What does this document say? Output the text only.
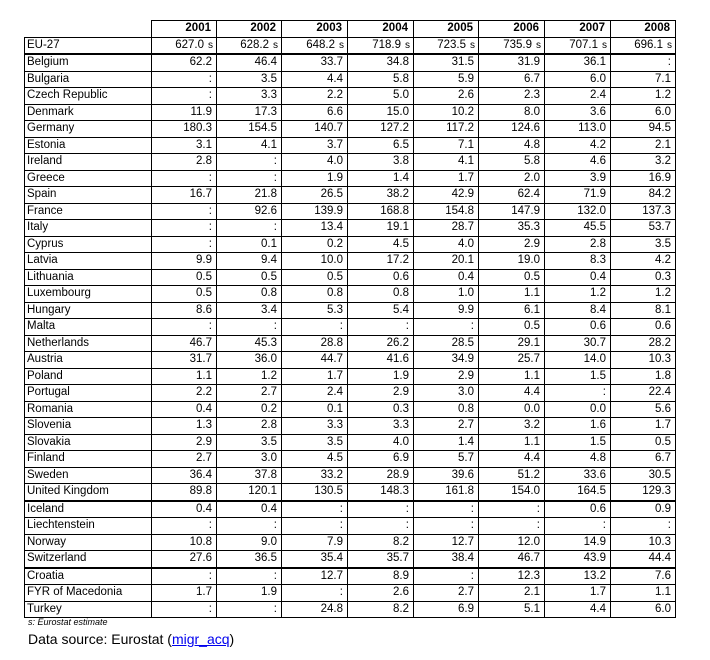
	2001	2002	2003	2004	2005	2006	2007	2008
EU-27	627.0 s	628.2 s	648.2 s	718.9 s	723.5 s	735.9 s	707.1 s	696.1 s

Belgium	62.2	46.4	33.7	34.8	31.5	31.9	36.1	:
Bulgaria	:	3.5	4.4	5.8	5.9	6.7	6.0	7.1
Czech Republic	:	3.3	2.2	5.0	2.6	2.3	2.4	1.2
Denmark	11.9	17.3	6.6	15.0	10.2	8.0	3.6	6.0
Germany	180.3	154.5	140.7	127.2	117.2	124.6	113.0	94.5
Estonia	3.1	4.1	3.7	6.5	7.1	4.8	4.2	2.1
Ireland	2.8	:	4.0	3.8	4.1	5.8	4.6	3.2
Greece	:	:	1.9	1.4	1.7	2.0	3.9	16.9
Spain	16.7	21.8	26.5	38.2	42.9	62.4	71.9	84.2
France	:	92.6	139.9	168.8	154.8	147.9	132.0	137.3
Italy	:	:	13.4	19.1	28.7	35.3	45.5	53.7
Cyprus	:	0.1	0.2	4.5	4.0	2.9	2.8	3.5
Latvia	9.9	9.4	10.0	17.2	20.1	19.0	8.3	4.2
Lithuania	0.5	0.5	0.5	0.6	0.4	0.5	0.4	0.3
Luxembourg	0.5	0.8	0.8	0.8	1.0	1.1	1.2	1.2
Hungary	8.6	3.4	5.3	5.4	9.9	6.1	8.4	8.1
Malta	:	:	:	:	:	0.5	0.6	0.6
Netherlands	46.7	45.3	28.8	26.2	28.5	29.1	30.7	28.2
Austria	31.7	36.0	44.7	41.6	34.9	25.7	14.0	10.3
Poland	1.1	1.2	1.7	1.9	2.9	1.1	1.5	1.8
Portugal	2.2	2.7	2.4	2.9	3.0	4.4	:	22.4
Romania	0.4	0.2	0.1	0.3	0.8	0.0	0.0	5.6
Slovenia	1.3	2.8	3.3	3.3	2.7	3.2	1.6	1.7
Slovakia	2.9	3.5	3.5	4.0	1.4	1.1	1.5	0.5
Finland	2.7	3.0	4.5	6.9	5.7	4.4	4.8	6.7
Sweden	36.4	37.8	33.2	28.9	39.6	51.2	33.6	30.5
United Kingdom	89.8	120.1	130.5	148.3	161.8	154.0	164.5	129.3
Iceland	0.4	0.4	:	:	:	:	0.6	0.9
Liechtenstein	:	:	:	:	:	:	:	:
Norway	10.8	9.0	7.9	8.2	12.7	12.0	14.9	10.3
Switzerland	27.6	36.5	35.4	35.7	38.4	46.7	43.9	44.4
Croatia	:	:	12.7	8.9	:	12.3	13.2	7.6
FYR of Macedonia	1.7	1.9	:	2.6	2.7	2.1	1.7	1.1
Turkey	:	:	24.8	8.2	6.9	5.1	4.4	6.0
s: Eurostat estimate
Data source: Eurostat (migr_acq)
